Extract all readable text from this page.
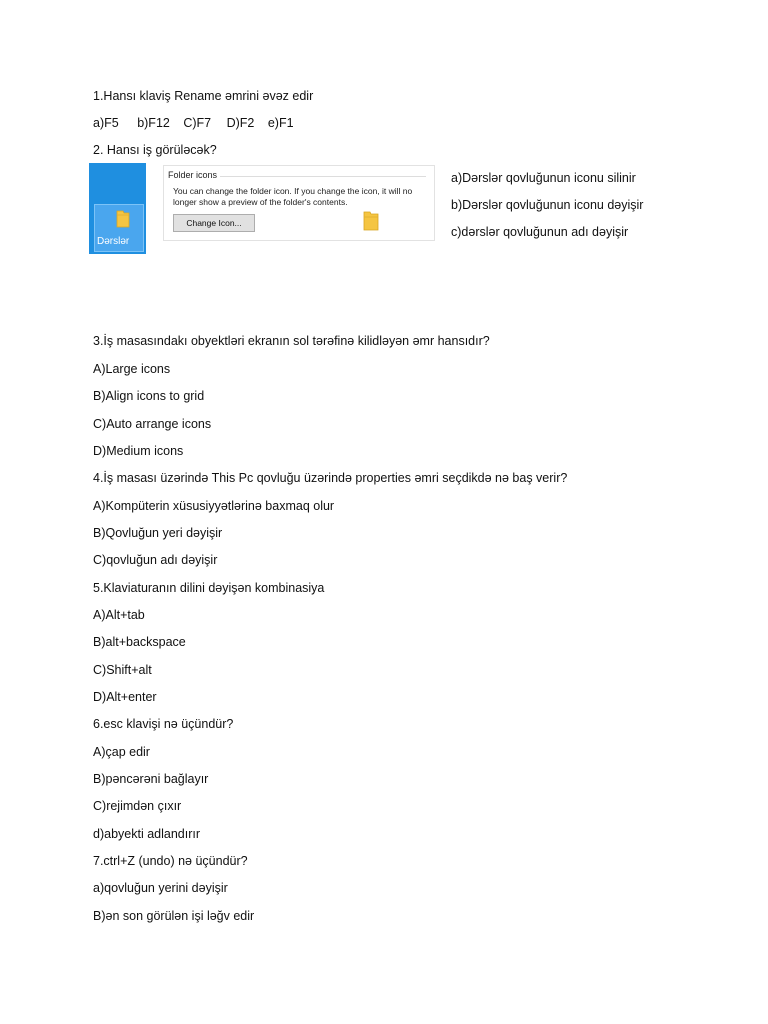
1.Hansı klaviş Rename əmrini əvəz edir
a)F5 b)F12 C)F7 D)F2 e)F1
2. Hansı iş görüləcək?
Dərslər
Folder icons
You can change the folder icon. If you change the icon, it will no longer show a preview of the folder's contents.
Change Icon...
a)Dərslər qovluğunun iconu silinir
b)Dərslər qovluğunun iconu dəyişir
c)dərslər qovluğunun adı dəyişir
3.İş masasındakı obyektləri ekranın sol tərəfinə kilidləyən əmr hansıdır?
A)Large icons
B)Align icons to grid
C)Auto arrange icons
D)Medium icons
4.İş masası üzərində This Pc qovluğu üzərində properties əmri seçdikdə nə baş verir?
A)Kompüterin xüsusiyyətlərinə baxmaq olur
B)Qovluğun yeri dəyişir
C)qovluğun adı dəyişir
5.Klaviaturanın dilini dəyişən kombinasiya
A)Alt+tab
B)alt+backspace
C)Shift+alt
D)Alt+enter
6.esc klavişi nə üçündür?
A)çap edir
B)pəncərəni bağlayır
C)rejimdən çıxır
d)abyekti adlandırır
7.ctrl+Z (undo) nə üçündür?
a)qovluğun yerini dəyişir
B)ən son görülən işi ləğv edir
